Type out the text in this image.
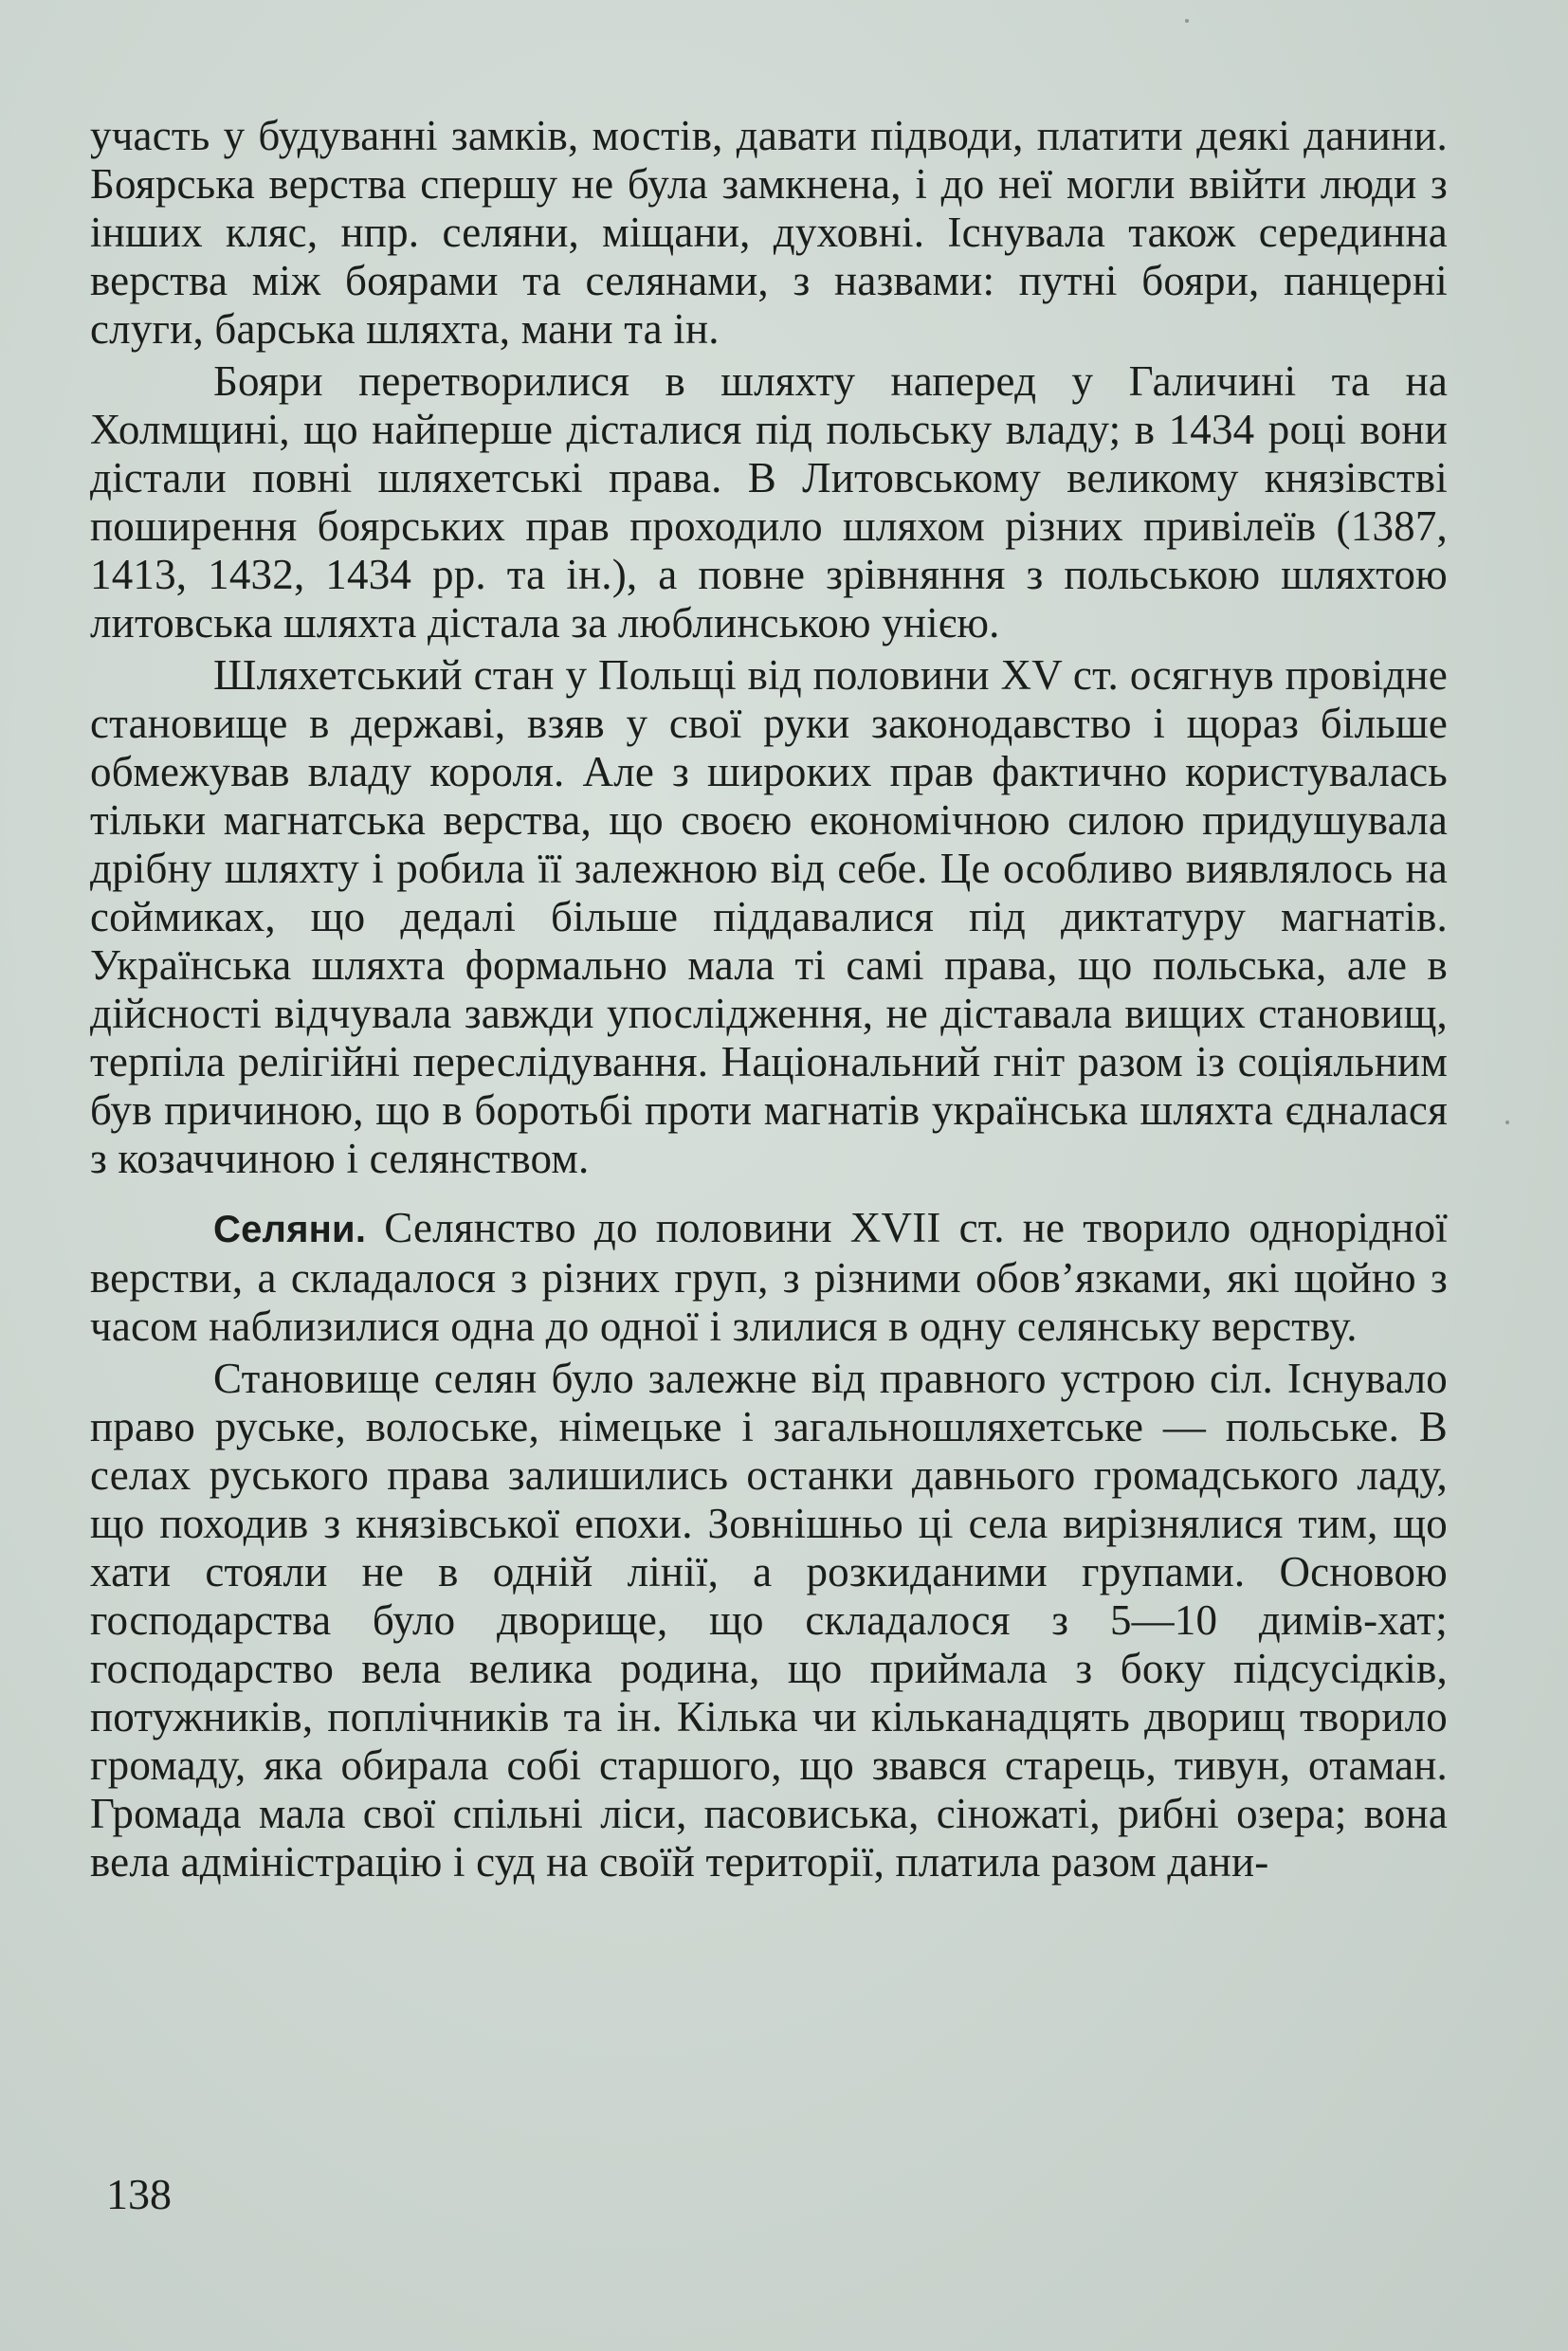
участь у будуванні замків, мостів, давати підводи, платити деякі данини. Боярська верства спершу не була замкнена, і до неї могли ввійти люди з інших кляс, нпр. селяни, міщани, духовні. Існувала також серединна верства між боярами та селянами, з назвами: путні бояри, панцерні слуги, барська шляхта, мани та ін.

Бояри перетворилися в шляхту наперед у Галичині та на Холмщині, що найперше дісталися під польську владу; в 1434 році вони дістали повні шляхетські права. В Литовському великому князівстві поширення боярських прав проходило шляхом різних привілеїв (1387, 1413, 1432, 1434 рр. та ін.), а повне зрівняння з польською шляхтою литовська шляхта дістала за люблинською унією.

Шляхетський стан у Польщі від половини XV ст. осягнув провідне становище в державі, взяв у свої руки законодавство і щораз більше обмежував владу короля. Але з широких прав фактично користувалась тільки магнатська верства, що своєю економічною силою придушувала дрібну шляхту і робила її залежною від себе. Це особливо виявлялось на соймиках, що дедалі більше піддавалися під диктатуру магнатів. Українська шляхта формально мала ті самі права, що польська, але в дійсності відчувала завжди упослідження, не діставала вищих становищ, терпіла релігійні переслідування. Національний гніт разом із соціяльним був причиною, що в боротьбі проти магнатів українська шляхта єдналася з козаччиною і селянством.

Селяни. Селянство до половини XVII ст. не творило однорідної верстви, а складалося з різних груп, з різними обов’язками, які щойно з часом наблизилися одна до одної і злилися в одну селянську верству.

Становище селян було залежне від правного устрою сіл. Існувало право руське, волоське, німецьке і загальношляхетське — польське. В селах руського права залишились останки давнього громадського ладу, що походив з князівської епохи. Зовнішньо ці села вирізнялися тим, що хати стояли не в одній лінії, а розкиданими групами. Основою господарства було дворище, що складалося з 5—10 димів-хат; господарство вела велика родина, що приймала з боку підсусідків, потужників, поплічників та ін. Кілька чи кільканадцять дворищ творило громаду, яка обирала собі старшого, що звався старець, тивун, отаман. Громада мала свої спільні ліси, пасовиська, сіножаті, рибні озера; вона вела адміністрацію і суд на своїй території, платила разом дани-

138
